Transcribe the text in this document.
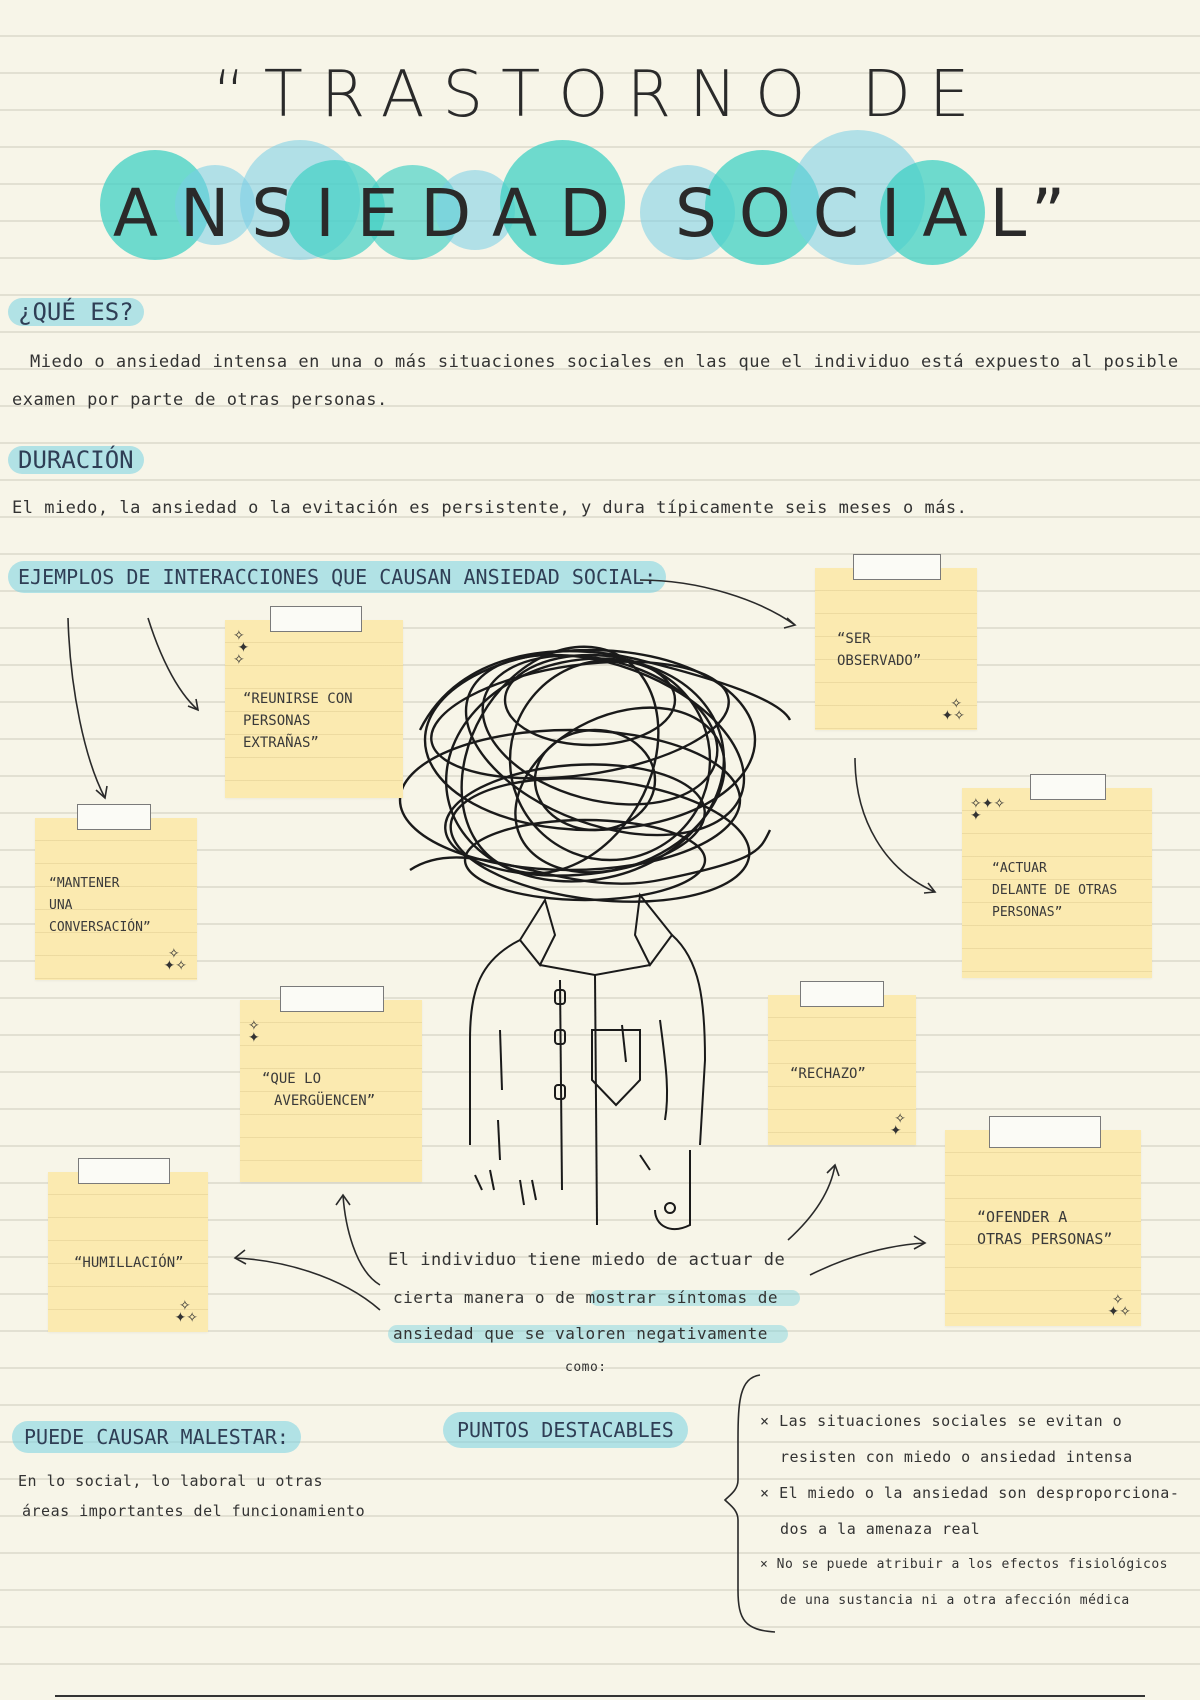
“TRASTORNO DE
ANSIEDAD SOCIAL”
¿QUÉ ES?
Miedo o ansiedad intensa en una o más situaciones sociales en las que el individuo está expuesto al posible
examen por parte de otras personas.
DURACIÓN
El miedo, la ansiedad o la evitación es persistente, y dura típicamente seis meses o más.
EJEMPLOS DE INTERACCIONES QUE CAUSAN ANSIEDAD SOCIAL:
✧
✦
✧
“REUNIRSE CON
PERSONAS
EXTRAÑAS”
“SER
OBSERVADO”
✧
✦✧
“MANTENER
UNA
CONVERSACIÓN”
✧
✦✧
✧✦✧
✦
“ACTUAR
DELANTE DE OTRAS
PERSONAS”
✧
✦
“QUE LO
AVERGÜENCEN”
“RECHAZO”
✧
✦
“HUMILLACIÓN”
✧
✦✧
“OFENDER A
OTRAS PERSONAS”
✧
✦✧
El individuo tiene miedo de actuar de
cierta manera o de mostrar síntomas de
ansiedad que se valoren negativamente
como:
PUEDE CAUSAR MALESTAR:
En lo social, lo laboral u otras
áreas importantes del funcionamiento
PUNTOS DESTACABLES	× Las situaciones sociales se evitan o
resisten con miedo o ansiedad intensa
× El miedo o la ansiedad son desproporciona-
dos a la amenaza real
× No se puede atribuir a los efectos fisiológicos
de una sustancia ni a otra afección médica
